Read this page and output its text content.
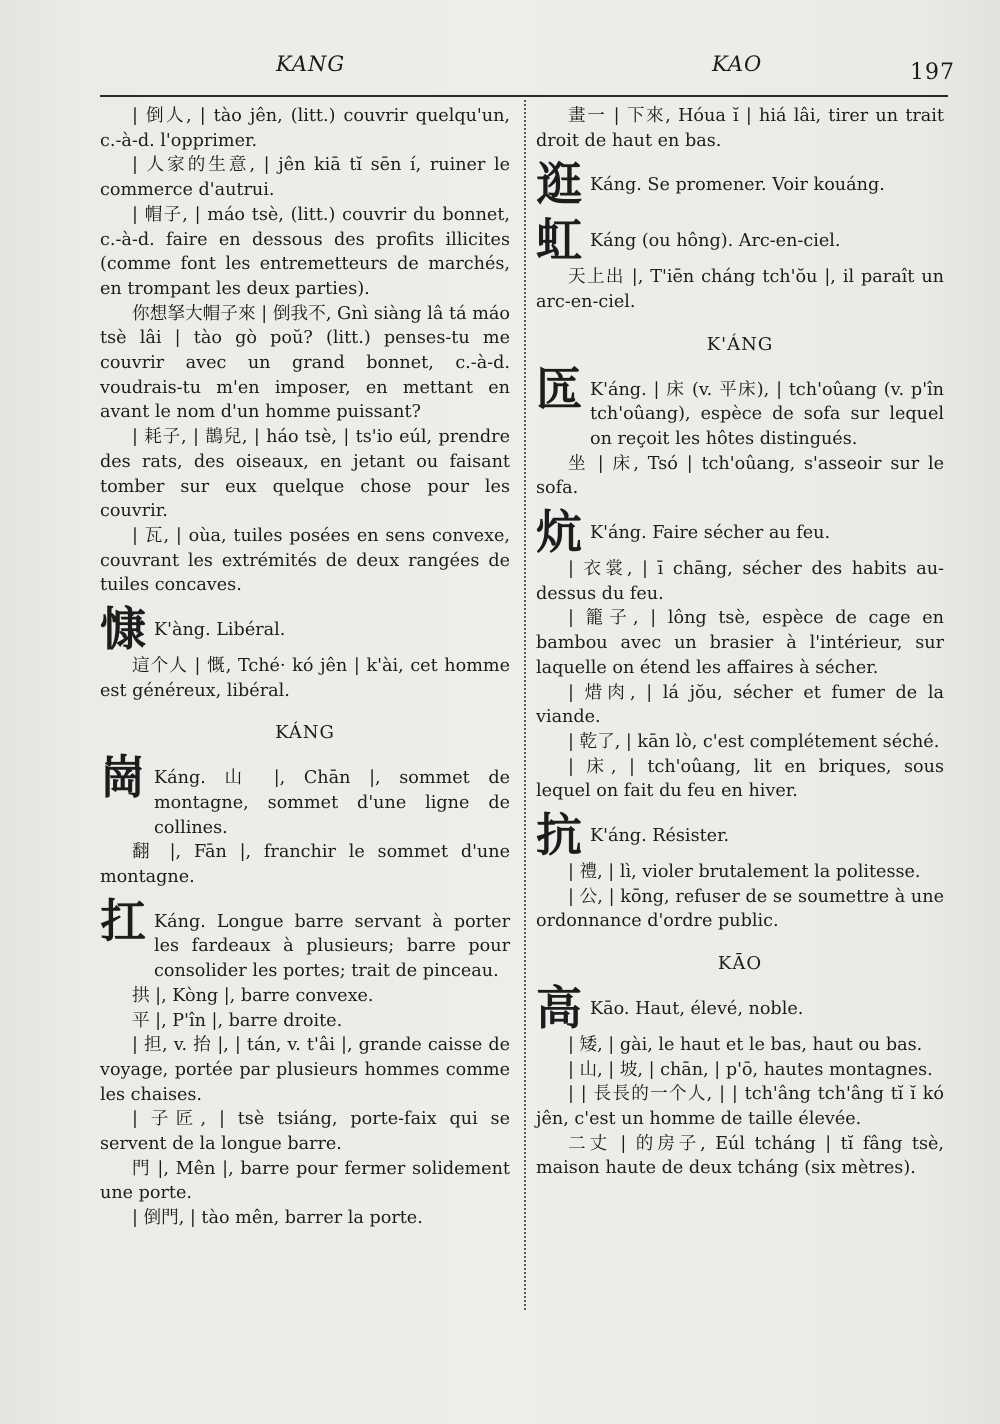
KANG	KAO	197
| 倒人, | tào jên, (litt.) couvrir quelqu'un, c.-à-d. l'opprimer.
| 人家的生意, | jên kiā tĭ sēn í, ruiner le commerce d'autrui.
| 帽子, | máo tsè, (litt.) couvrir du bonnet, c.-à-d. faire en dessous des profits illicites (comme font les entremetteurs de marchés, en trompant les deux parties).
你想拏大帽子來 | 倒我不, Gnì siàng lâ tá máo tsè lâi | tào gò poŭ? (litt.) penses-tu me couvrir avec un grand bonnet, c.-à-d. voudrais-tu m'en imposer, en mettant en avant le nom d'un homme puissant?
| 耗子, | 鵲兒, | háo tsè, | ts'io eúl, prendre des rats, des oiseaux, en jetant ou faisant tomber sur eux quelque chose pour les couvrir.
| 瓦, | oùa, tuiles posées en sens convexe, couvrant les extrémités de deux rangées de tuiles concaves.
慷 K'àng. Libéral.
這个人 | 慨, Tché· kó jên | k'ài, cet homme est généreux, libéral.
KÁNG
崗 Káng. 山 |, Chān |, sommet de montagne, sommet d'une ligne de collines.
翻 |, Fān |, franchir le sommet d'une montagne.
扛 Káng. Longue barre servant à porter les fardeaux à plusieurs; barre pour consolider les portes; trait de pinceau.
拱 |, Kòng |, barre convexe.
平 |, P'în |, barre droite.
| 担, v. 抬 |, | tán, v. t'âi |, grande caisse de voyage, portée par plusieurs hommes comme les chaises.
| 子匠, | tsè tsiáng, porte-faix qui se servent de la longue barre.
門 |, Mên |, barre pour fermer solidement une porte.
| 倒門, | tào mên, barrer la porte.
畫一 | 下來, Hóua ĭ | hiá lâi, tirer un trait droit de haut en bas.
逛 Káng. Se promener. Voir kouáng.
虹 Káng (ou hông). Arc-en-ciel.
天上出 |, T'iēn cháng tch'ŏu |, il paraît un arc-en-ciel.
K'ÁNG
匟 K'áng. | 床 (v. 平床), | tch'oûang (v. p'în tch'oûang), espèce de sofa sur lequel on reçoit les hôtes distingués.
坐 | 床, Tsó | tch'oûang, s'asseoir sur le sofa.
炕 K'áng. Faire sécher au feu.
| 衣裳, | ī chāng, sécher des habits au-dessus du feu.
| 籠子, | lông tsè, espèce de cage en bambou avec un brasier à l'intérieur, sur laquelle on étend les affaires à sécher.
| 焟肉, | lá jŏu, sécher et fumer de la viande.
| 乾了, | kān lò, c'est complétement séché.
| 床, | tch'oûang, lit en briques, sous lequel on fait du feu en hiver.
抗 K'áng. Résister.
| 禮, | lì, violer brutalement la politesse.
| 公, | kōng, refuser de se soumettre à une ordonnance d'ordre public.
KĀO
高 Kāo. Haut, élevé, noble.
| 矮, | gài, le haut et le bas, haut ou bas.
| 山, | 坡, | chān, | p'ō, hautes montagnes.
| | 長長的一个人, | | tch'âng tch'âng tĭ ĭ kó jên, c'est un homme de taille élevée.
二丈 | 的房子, Eúl tcháng | tĭ fâng tsè, maison haute de deux tcháng (six mètres).
